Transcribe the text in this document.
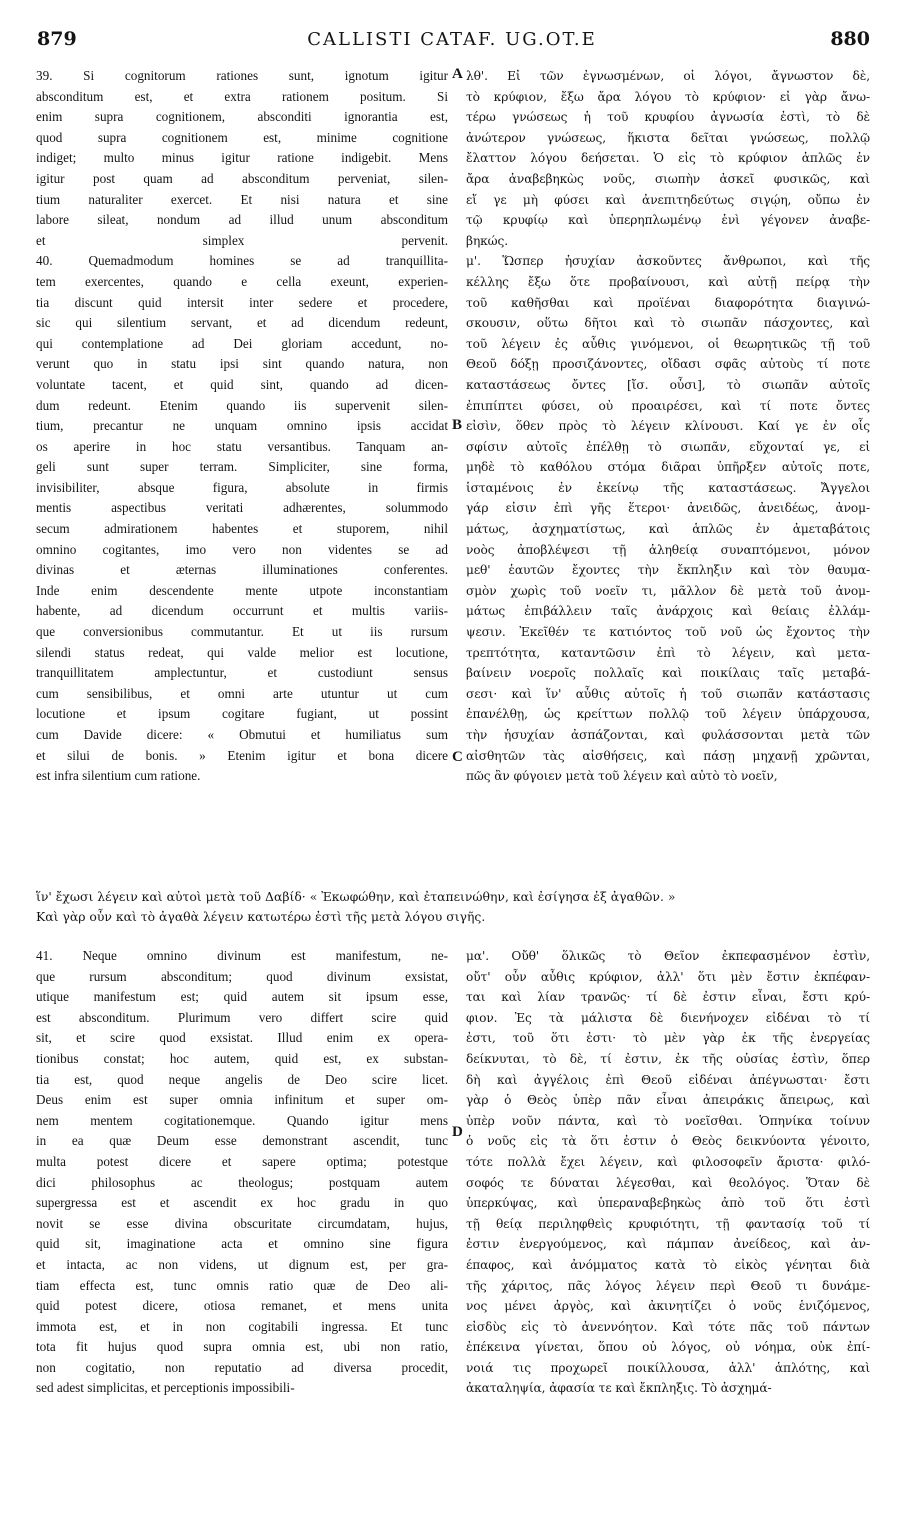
879	CALLISTI CATAF. UG.OT.E	880
A
B
C
D
39. Si cognitorum rationes sunt, ignotum igitur
absconditum est, et extra rationem positum. Si
enim supra cognitionem, absconditi ignorantia est,
quod supra cognitionem est, minime cognitione
indiget; multo minus igitur ratione indigebit. Mens
igitur post quam ad absconditum perveniat, silen-
tium naturaliter exercet. Et nisi natura et sine
labore sileat, nondum ad illud unum absconditum
et simplex pervenit.
40. Quemadmodum homines se ad tranquillita-
tem exercentes, quando e cella exeunt, experien-
tia discunt quid intersit inter sedere et procedere,
sic qui silentium servant, et ad dicendum redeunt,
qui contemplatione ad Dei gloriam accedunt, no-
verunt quo in statu ipsi sint quando natura, non
voluntate tacent, et quid sint, quando ad dicen-
dum redeunt. Etenim quando iis supervenit silen-
tium, precantur ne unquam omnino ipsis accidat
os aperire in hoc statu versantibus. Tanquam an-
geli sunt super terram. Simpliciter, sine forma,
invisibiliter, absque figura, absolute in firmis
mentis aspectibus veritati adhærentes, solummodo
secum admirationem habentes et stuporem, nihil
omnino cogitantes, imo vero non videntes se ad
divinas et æternas illuminationes conferentes.
Inde enim descendente mente utpote inconstantiam
habente, ad dicendum occurrunt et multis variis-
que conversionibus commutantur. Et ut iis rursum
silendi status redeat, qui valde melior est locutione,
tranquillitatem amplectuntur, et custodiunt sensus
cum sensibilibus, et omni arte utuntur ut cum
locutione et ipsum cogitare fugiant, ut possint
cum Davide dicere: « Obmutui et humiliatus sum
et silui de bonis. » Etenim igitur et bona dicere
est infra silentium cum ratione.
λθ'. Εἰ τῶν ἐγνωσμένων, οἱ λόγοι, ἄγνωστον δὲ,
τὸ κρύφιον, ἔξω ἄρα λόγου τὸ κρύφιον· εἰ γὰρ ἄνω-
τέρω γνώσεως ἡ τοῦ κρυφίου ἀγνωσία ἐστὶ, τὸ δὲ
ἀνώτερον γνώσεως, ἥκιστα δεῖται γνώσεως, πολλῷ
ἔλαττον λόγου δεήσεται. Ὁ εἰς τὸ κρύφιον ἁπλῶς ἐν
ἄρα ἀναβεβηκὼς νοῦς, σιωπὴν ἀσκεῖ φυσικῶς, καὶ
εἴ γε μὴ φύσει καὶ ἀνεπιτηδεύτως σιγῴη, οὔπω ἐν
τῷ κρυφίῳ καὶ ὑπερηπλωμένῳ ἑνὶ γέγονεν ἀναβε-
βηκώς.
μ'. Ὥσπερ ἡσυχίαν ἀσκοῦντες ἄνθρωποι, καὶ τῆς
κέλλης ἔξω ὅτε προβαίνουσι, καὶ αὐτῇ πείρᾳ τὴν
τοῦ καθῆσθαι καὶ προϊέναι διαφορότητα διαγινώ-
σκουσιν, οὕτω δῆτοι καὶ τὸ σιωπᾶν πάσχοντες, καὶ
τοῦ λέγειν ἐς αὖθις γινόμενοι, οἱ θεωρητικῶς τῇ τοῦ
Θεοῦ δόξῃ προσιζάνοντες, οἴδασι σφᾶς αὐτοὺς τί ποτε
καταστάσεως ὄντες [ἴσ. οὖσι], τὸ σιωπᾶν αὐτοῖς
ἐπιπίπτει φύσει, οὐ προαιρέσει, καὶ τί ποτε ὄντες
εἰσὶν, ὅθεν πρὸς τὸ λέγειν κλίνουσι. Καί γε ἐν οἷς
σφίσιν αὐτοῖς ἐπέλθῃ τὸ σιωπᾶν, εὔχονταί γε, εἰ
μηδὲ τὸ καθόλου στόμα διᾶραι ὑπῆρξεν αὐτοῖς ποτε,
ἱσταμένοις ἐν ἐκείνῳ τῆς καταστάσεως. Ἄγγελοι
γάρ εἰσιν ἐπὶ γῆς ἕτεροι· ἀνειδῶς, ἀνειδέως, ἀνομ-
μάτως, ἀσχηματίστως, καὶ ἁπλῶς ἐν ἀμεταβάτοις
νοὸς ἀποβλέψεσι τῇ ἀληθείᾳ συναπτόμενοι, μόνον
μεθ' ἑαυτῶν ἔχοντες τὴν ἔκπληξιν καὶ τὸν θαυμα-
σμὸν χωρὶς τοῦ νοεῖν τι, μᾶλλον δὲ μετὰ τοῦ ἀνομ-
μάτως ἐπιβάλλειν ταῖς ἀνάρχοις καὶ θείαις ἐλλάμ-
ψεσιν. Ἐκεῖθέν τε κατιόντος τοῦ νοῦ ὡς ἔχοντος τὴν
τρεπτότητα, καταντῶσιν ἐπὶ τὸ λέγειν, καὶ μετα-
βαίνειν νοεροῖς πολλαῖς καὶ ποικίλαις ταῖς μεταβά-
σεσι· καὶ ἵν' αὖθις αὐτοῖς ἡ τοῦ σιωπᾶν κατάστασις
ἐπανέλθῃ, ὡς κρείττων πολλῷ τοῦ λέγειν ὑπάρχουσα,
τὴν ἡσυχίαν ἀσπάζονται, καὶ φυλάσσονται μετὰ τῶν
αἰσθητῶν τὰς αἰσθήσεις, καὶ πάσῃ μηχανῇ χρῶνται,
πῶς ἂν φύγοιεν μετὰ τοῦ λέγειν καὶ αὐτὸ τὸ νοεῖν,
ἵν' ἔχωσι λέγειν καὶ αὐτοὶ μετὰ τοῦ Δαβίδ· « Ἐκωφώθην, καὶ ἐταπεινώθην, καὶ ἐσίγησα ἐξ ἀγαθῶν. »
Καὶ γὰρ οὖν καὶ τὸ ἀγαθὰ λέγειν κατωτέρω ἐστὶ τῆς μετὰ λόγου σιγῆς.
41. Neque omnino divinum est manifestum, ne-
que rursum absconditum; quod divinum exsistat,
utique manifestum est; quid autem sit ipsum esse,
est absconditum. Plurimum vero differt scire quid
sit, et scire quod exsistat. Illud enim ex opera-
tionibus constat; hoc autem, quid est, ex substan-
tia est, quod neque angelis de Deo scire licet.
Deus enim est super omnia infinitum et super om-
nem mentem cogitationemque. Quando igitur mens
in ea quæ Deum esse demonstrant ascendit, tunc
multa potest dicere et sapere optima; potestque
dici philosophus ac theologus; postquam autem
supergressa est et ascendit ex hoc gradu in quo
novit se esse divina obscuritate circumdatam, hujus,
quid sit, imaginatione acta et omnino sine figura
et intacta, ac non videns, ut dignum est, per gra-
tiam effecta est, tunc omnis ratio quæ de Deo ali-
quid potest dicere, otiosa remanet, et mens unita
immota est, et in non cogitabili ingressa. Et tunc
tota fit hujus quod supra omnia est, ubi non ratio,
non cogitatio, non reputatio ad diversa procedit,
sed adest simplicitas, et perceptionis impossibili-
μα'. Οὔθ' ὅλικῶς τὸ Θεῖον ἐκπεφασμένον ἐστὶν,
οὔτ' οὖν αὖθις κρύφιον, ἀλλ' ὅτι μὲν ἔστιν ἐκπέφαν-
ται καὶ λίαν τρανῶς· τί δὲ ἐστιν εἶναι, ἔστι κρύ-
φιον. Ἐς τὰ μάλιστα δὲ διενήνοχεν εἰδέναι τὸ τί
ἐστι, τοῦ ὅτι ἐστι· τὸ μὲν γὰρ ἐκ τῆς ἐνεργείας
δείκνυται, τὸ δὲ, τί ἐστιν, ἐκ τῆς οὐσίας ἐστὶν, ὅπερ
δὴ καὶ ἀγγέλοις ἐπὶ Θεοῦ εἰδέναι ἀπέγνωσται· ἔστι
γὰρ ὁ Θεὸς ὑπὲρ πᾶν εἶναι ἀπειράκις ἄπειρως, καὶ
ὑπὲρ νοῦν πάντα, καὶ τὸ νοεῖσθαι. Ὁπηνίκα τοίνυν
ὁ νοῦς εἰς τὰ ὅτι ἐστιν ὁ Θεὸς δεικνύοντα γένοιτο,
τότε πολλὰ ἔχει λέγειν, καὶ φιλοσοφεῖν ἄριστα· φιλό-
σοφός τε δύναται λέγεσθαι, καὶ θεολόγος. Ὅταν δὲ
ὑπερκύψας, καὶ ὑπεραναβεβηκὼς ἀπὸ τοῦ ὅτι ἐστὶ
τῇ θείᾳ περιληφθεὶς κρυφιότητι, τῇ φαντασίᾳ τοῦ τί
ἐστιν ἐνεργούμενος, καὶ πάμπαν ἀνείδεος, καὶ ἀν-
έπαφος, καὶ ἀνόμματος κατὰ τὸ εἰκὸς γένηται διὰ
τῆς χάριτος, πᾶς λόγος λέγειν περὶ Θεοῦ τι δυνάμε-
νος μένει ἀργὸς, καὶ ἀκινητίζει ὁ νοῦς ἑνιζόμενος,
εἰσδὺς εἰς τὸ ἀνεννόητον. Καὶ τότε πᾶς τοῦ πάντων
ἐπέκεινα γίνεται, ὅπου οὐ λόγος, οὐ νόημα, οὐκ ἐπί-
νοιά τις προχωρεῖ ποικίλλουσα, ἀλλ' ἁπλότης, καὶ
ἀκαταληψία, ἀφασία τε καὶ ἔκπληξις. Τὸ ἀσχημά-
